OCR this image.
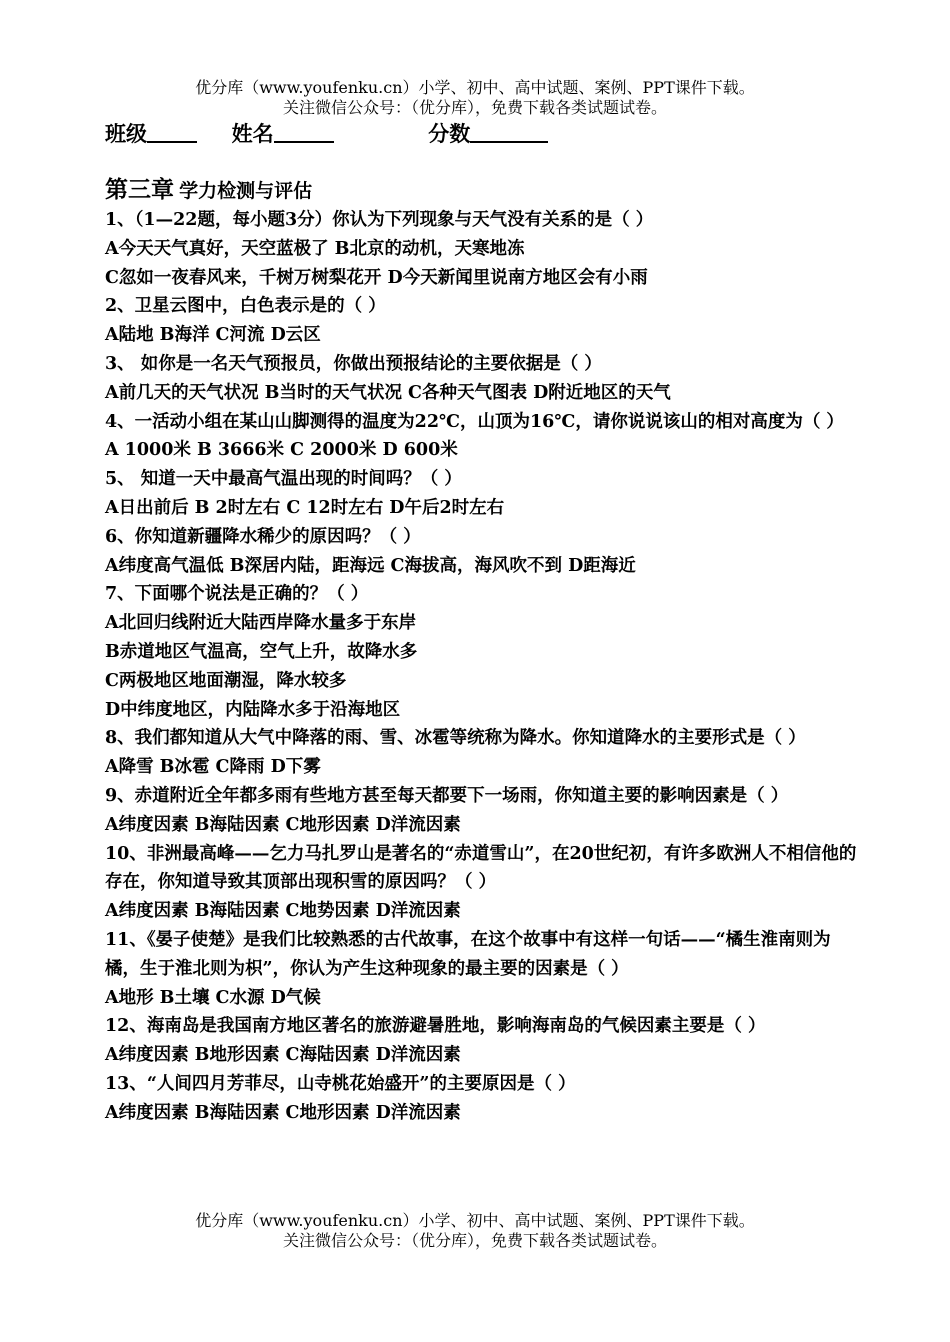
优分库（www.youfenku.cn）小学、初中、高中试题、案例、PPT课件下载。
关注微信公众号：（优分库），免费下载各类试题试卷。
班级	姓名	分数
第三章 学力检测与评估
1、（1—22题，每小题3分）你认为下列现象与天气没有关系的是（ ）
A今天天气真好，天空蓝极了 B北京的动机，天寒地冻
C忽如一夜春风来，千树万树梨花开 D今天新闻里说南方地区会有小雨
2、卫星云图中，白色表示是的（ ）
A陆地 B海洋 C河流 D云区
3、 如你是一名天气预报员，你做出预报结论的主要依据是（ ）
A前几天的天气状况 B当时的天气状况 C各种天气图表 D附近地区的天气
4、一活动小组在某山山脚测得的温度为22℃，山顶为16℃，请你说说该山的相对高度为（ ）
A 1000米 B 3666米 C 2000米 D 600米
5、 知道一天中最高气温出现的时间吗？（ ）
A日出前后 B 2时左右 C 12时左右 D午后2时左右
6、你知道新疆降水稀少的原因吗？（ ）
A纬度高气温低 B深居内陆，距海远 C海拔高，海风吹不到 D距海近
7、下面哪个说法是正确的？（ ）
A北回归线附近大陆西岸降水量多于东岸
B赤道地区气温高，空气上升，故降水多
C两极地区地面潮湿，降水较多
D中纬度地区，内陆降水多于沿海地区
8、我们都知道从大气中降落的雨、雪、冰雹等统称为降水。你知道降水的主要形式是（ ）
A降雪 B冰雹 C降雨 D下雾
9、赤道附近全年都多雨有些地方甚至每天都要下一场雨，你知道主要的影响因素是（ ）
A纬度因素 B海陆因素 C地形因素 D洋流因素
10、非洲最高峰——乞力马扎罗山是著名的“赤道雪山”，在20世纪初，有许多欧洲人不相信他的存在，你知道导致其顶部出现积雪的原因吗？（ ）
A纬度因素 B海陆因素 C地势因素 D洋流因素
11、《晏子使楚》是我们比较熟悉的古代故事，在这个故事中有这样一句话——“橘生淮南则为橘，生于淮北则为枳”，你认为产生这种现象的最主要的因素是（ ）
A地形 B土壤 C水源 D气候
12、海南岛是我国南方地区著名的旅游避暑胜地，影响海南岛的气候因素主要是（ ）
A纬度因素 B地形因素 C海陆因素 D洋流因素
13、“人间四月芳菲尽，山寺桃花始盛开”的主要原因是（ ）
A纬度因素 B海陆因素 C地形因素 D洋流因素
优分库（www.youfenku.cn）小学、初中、高中试题、案例、PPT课件下载。
关注微信公众号：（优分库），免费下载各类试题试卷。
